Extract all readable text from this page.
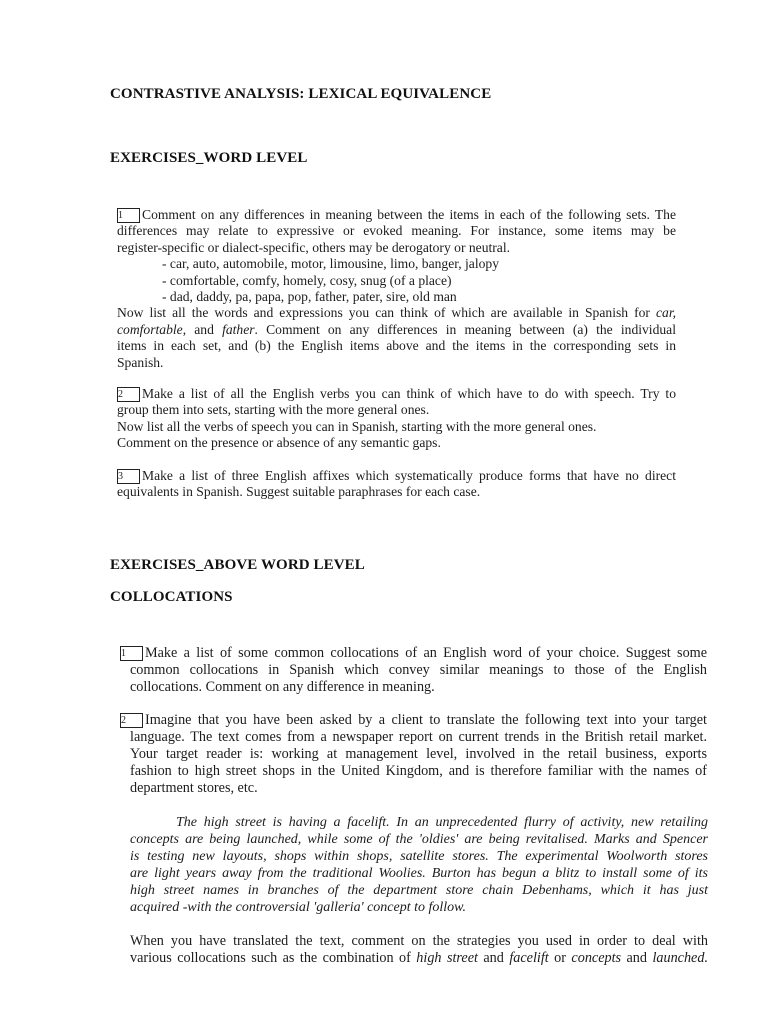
CONTRASTIVE ANALYSIS: LEXICAL EQUIVALENCE
EXERCISES_WORD LEVEL
1 Comment on any differences in meaning between the items in each of the following sets. The
differences may relate to expressive or evoked meaning. For instance, some items may be
register-specific or dialect-specific, others may be derogatory or neutral.
- car, auto, automobile, motor, limousine, limo, banger, jalopy
- comfortable, comfy, homely, cosy, snug (of a place)
- dad, daddy, pa, papa, pop, father, pater, sire, old man
Now list all the words and expressions you can think of which are available in Spanish for car,
comfortable, and father. Comment on any differences in meaning between (a) the individual
items in each set, and (b) the English items above and the items in the corresponding sets in
Spanish.
2 Make a list of all the English verbs you can think of which have to do with speech. Try to
group them into sets, starting with the more general ones.
Now list all the verbs of speech you can in Spanish, starting with the more general ones.
Comment on the presence or absence of any semantic gaps.
3 Make a list of three English affixes which systematically produce forms that have no direct
equivalents in Spanish. Suggest suitable paraphrases for each case.
EXERCISES_ABOVE WORD LEVEL
COLLOCATIONS
1 Make a list of some common collocations of an English word of your choice. Suggest some
common collocations in Spanish which convey similar meanings to those of the English
collocations. Comment on any difference in meaning.
2 Imagine that you have been asked by a client to translate the following text into your target
language. The text comes from a newspaper report on current trends in the British retail market.
Your target reader is: working at management level, involved in the retail business, exports
fashion to high street shops in the United Kingdom, and is therefore familiar with the names of
department stores, etc.
The high street is having a facelift. In an unprecedented flurry of activity, new retailing
concepts are being launched, while some of the 'oldies' are being revitalised. Marks and Spencer
is testing new layouts, shops within shops, satellite stores. The experimental Woolworth stores
are light years away from the traditional Woolies. Burton has begun a blitz to install some of its
high street names in branches of the department store chain Debenhams, which it has just
acquired -with the controversial 'galleria' concept to follow.
When you have translated the text, comment on the strategies you used in order to deal with
various collocations such as the combination of high street and facelift or concepts and launched.
